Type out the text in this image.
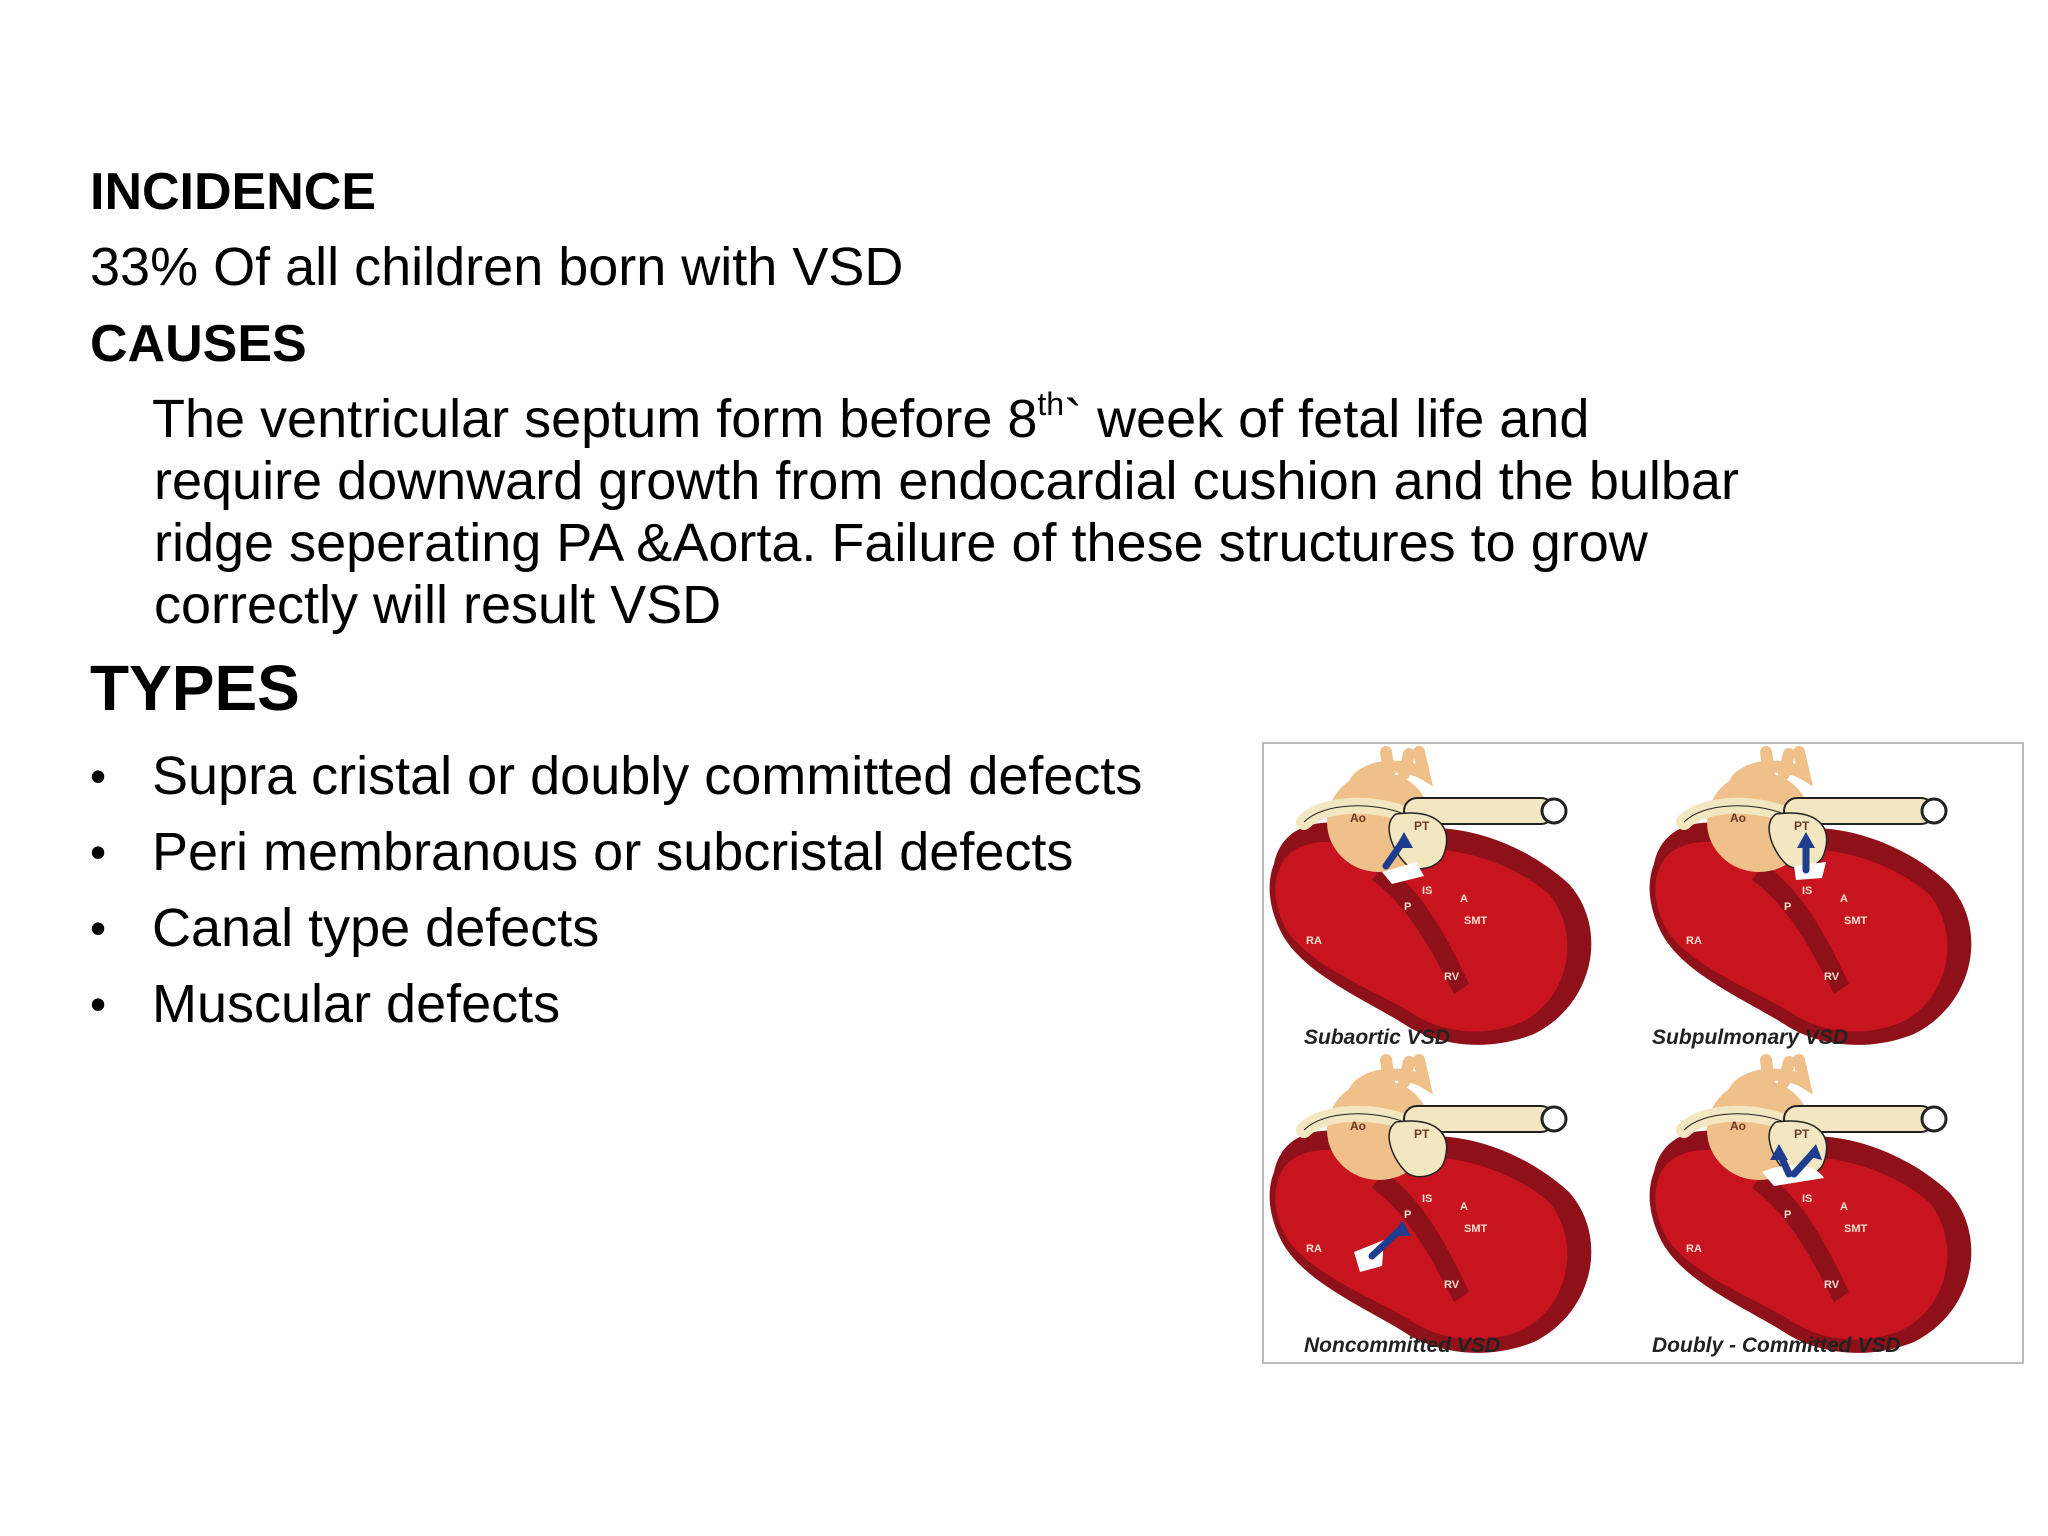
INCIDENCE
33% Of all children born with VSD
CAUSES
The ventricular septum form before 8th` week of fetal life and
require downward growth from endocardial cushion and the bulbar
ridge seperating PA &Aorta. Failure of these structures to grow
correctly will result VSD
TYPES
• Supra cristal or doubly committed defects
• Peri membranous or subcristal defects
• Canal type defects
• Muscular defects
Ao
PT
RA
RV
SMT
IS
A
P
Subaortic VSD
Ao
PT
RA
RV
SMT
IS
A
P
Subpulmonary VSD
Ao
PT
RA
RV
SMT
IS
A
P
Noncommitted VSD
Ao
PT
RA
RV
SMT
IS
A
P
Doubly - Committed VSD
